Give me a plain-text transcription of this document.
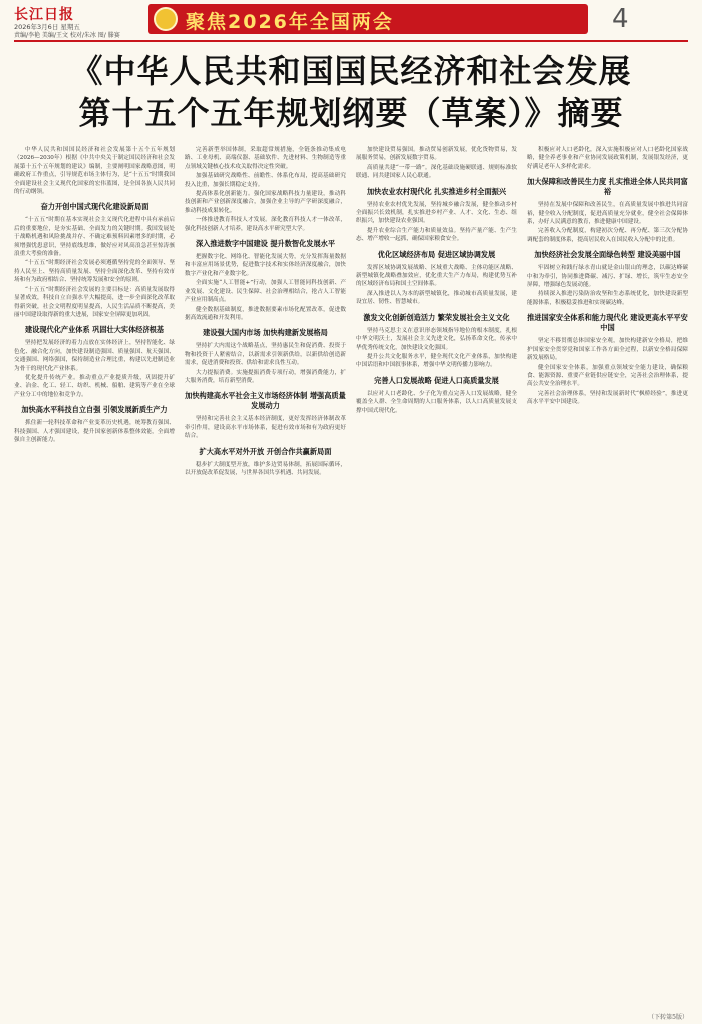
长江日报
2026年3月6日 星期五
责编/李艳 美编/王文 校对/朱冰 图/ 滕赛
聚焦2026年全国两会	4
《中华人民共和国国民经济和社会发展
第十五个五年规划纲要（草案）》摘要

中华人民共和国国民经济和社会发展第十五个五年规划（2026—2030年）根据《中共中央关于制定国民经济和社会发展第十五个五年规划的建议》编制，主要阐明国家战略意图，明确政府工作重点，引导规范市场主体行为，是“十五五”时期我国全面建设社会主义现代化国家的宏伟蓝图，是全国各族人民共同的行动纲领。

奋力开创中国式现代化建设新局面

“十五五”时期在基本实现社会主义现代化进程中具有承前启后的重要地位，是夯实基础、全面发力的关键时期。我国发展处于战略机遇和风险挑战并存、不确定难预料因素增多的时期，必须增强忧患意识，坚持底线思维，做好应对风高浪急甚至惊涛骇浪重大考验的准备。

“十五五”时期经济社会发展必须遵循坚持党的全面领导、坚持人民至上、坚持高质量发展、坚持全面深化改革、坚持有效市场和有为政府相结合、坚持统筹发展和安全的原则。

“十五五”时期经济社会发展的主要目标是：高质量发展取得显著成效，科技自立自强水平大幅提高，进一步全面深化改革取得新突破，社会文明程度明显提高，人民生活品质不断提高，美丽中国建设取得新的重大进展，国家安全屏障更加巩固。

建设现代化产业体系 巩固壮大实体经济根基

坚持把发展经济的着力点放在实体经济上，坚持智能化、绿色化、融合化方向，加快建设制造强国、质量强国、航天强国、交通强国、网络强国，保持制造业合理比重，构建以先进制造业为骨干的现代化产业体系。

优化提升传统产业。推动重点产业提质升级，巩固提升矿业、冶金、化工、轻工、纺织、机械、船舶、建筑等产业在全球产业分工中的地位和竞争力。

加快高水平科技自立自强 引领发展新质生产力

抓住新一轮科技革命和产业变革历史机遇，统筹教育强国、科技强国、人才强国建设，提升国家创新体系整体效能，全面增强自主创新能力。

完善新型举国体制，采取超常规措施，全链条推动集成电路、工业母机、高端仪器、基础软件、先进材料、生物制造等重点领域关键核心技术攻关取得决定性突破。

加强基础研究战略性、前瞻性、体系化布局，提高基础研究投入比重，加强长期稳定支持。

提高体系化创新能力。强化国家战略科技力量建设，推动科技创新和产业创新深度融合，加强企业主导的产学研深度融合，推动科技成果转化。

一体推进教育科技人才发展。深化教育科技人才一体改革，强化科技创新人才培养，建设高水平研究型大学。

深入推进数字中国建设 提升数智化发展水平

把握数字化、网络化、智能化发展大势，充分发挥海量数据和丰富应用场景优势，促进数字技术和实体经济深度融合，加快数字产业化和产业数字化。

全面实施“人工智能+”行动，加强人工智能同科技创新、产业发展、文化建设、民生保障、社会治理相结合，抢占人工智能产业应用制高点。

健全数据基础制度，推进数据要素市场化配置改革，促进数据高效流通和开发利用。

建设强大国内市场 加快构建新发展格局

坚持扩大内需这个战略基点，坚持惠民生和促消费、投资于物和投资于人紧密结合，以新需求引领新供给，以新供给创造新需求，促进消费和投资、供给和需求良性互动。

大力提振消费。实施提振消费专项行动，增强消费能力，扩大服务消费，培育新型消费。

加快构建高水平社会主义市场经济体制 增强高质量发展动力

坚持和完善社会主义基本经济制度，更好发挥经济体制改革牵引作用，建设高水平市场体系，促进有效市场和有为政府更好结合。

扩大高水平对外开放 开创合作共赢新局面

稳步扩大制度型开放，维护多边贸易体制，拓展国际循环，以开放促改革促发展，与世界各国共享机遇、共同发展。

加快建设贸易强国。推动贸易创新发展，优化货物贸易，发展服务贸易，创新发展数字贸易。

高质量共建“一带一路”。深化基础设施硬联通、规则标准软联通、同共建国家人民心联通。

加快农业农村现代化 扎实推进乡村全面振兴

坚持农业农村优先发展，坚持城乡融合发展，健全推动乡村全面振兴长效机制，扎实推进乡村产业、人才、文化、生态、组织振兴，加快建设农业强国。

提升农业综合生产能力和质量效益。坚持产量产能、生产生态、增产增收一起抓，确保国家粮食安全。

优化区域经济布局 促进区域协调发展

发挥区域协调发展战略、区域重大战略、主体功能区战略、新型城镇化战略叠加效应，优化重大生产力布局，构建优势互补的区域经济布局和国土空间体系。

深入推进以人为本的新型城镇化，推动城市高质量发展，建设宜居、韧性、智慧城市。

激发文化创新创造活力 繁荣发展社会主义文化

坚持马克思主义在意识形态领域指导地位的根本制度，扎根中华文明沃土，发展社会主义先进文化，弘扬革命文化，传承中华优秀传统文化，加快建设文化强国。

提升公共文化服务水平，健全现代文化产业体系，加快构建中国话语和中国叙事体系，增强中华文明传播力影响力。

完善人口发展战略 促进人口高质量发展

以应对人口老龄化、少子化为重点完善人口发展战略，健全覆盖全人群、全生命周期的人口服务体系，以人口高质量发展支撑中国式现代化。

积极应对人口老龄化，深入实施积极应对人口老龄化国家战略，健全养老事业和产业协同发展政策机制，发展银发经济，更好满足老年人多样化需求。

加大保障和改善民生力度 扎实推进全体人民共同富裕

坚持在发展中保障和改善民生，在高质量发展中推进共同富裕，健全收入分配制度，促进高质量充分就业，健全社会保障体系，办好人民满意的教育，推进健康中国建设。

完善收入分配制度，构建初次分配、再分配、第三次分配协调配套的制度体系，提高居民收入在国民收入分配中的比重。

加快经济社会发展全面绿色转型 建设美丽中国

牢固树立和践行绿水青山就是金山银山的理念，以碳达峰碳中和为牵引，协同推进降碳、减污、扩绿、增长，筑牢生态安全屏障，增强绿色发展动能。

持续深入推进污染防治攻坚和生态系统优化，加快建设新型能源体系，积极稳妥推进和实现碳达峰。

推进国家安全体系和能力现代化 建设更高水平平安中国

坚定不移贯彻总体国家安全观，加快构建新安全格局，把维护国家安全贯穿党和国家工作各方面全过程，以新安全格局保障新发展格局。

健全国家安全体系，加强重点领域安全能力建设，确保粮食、能源资源、重要产业链供应链安全，完善社会治理体系，提高公共安全治理水平。

完善社会治理体系，坚持和发展新时代“枫桥经验”，推进更高水平平安中国建设。

（下转第5版）
